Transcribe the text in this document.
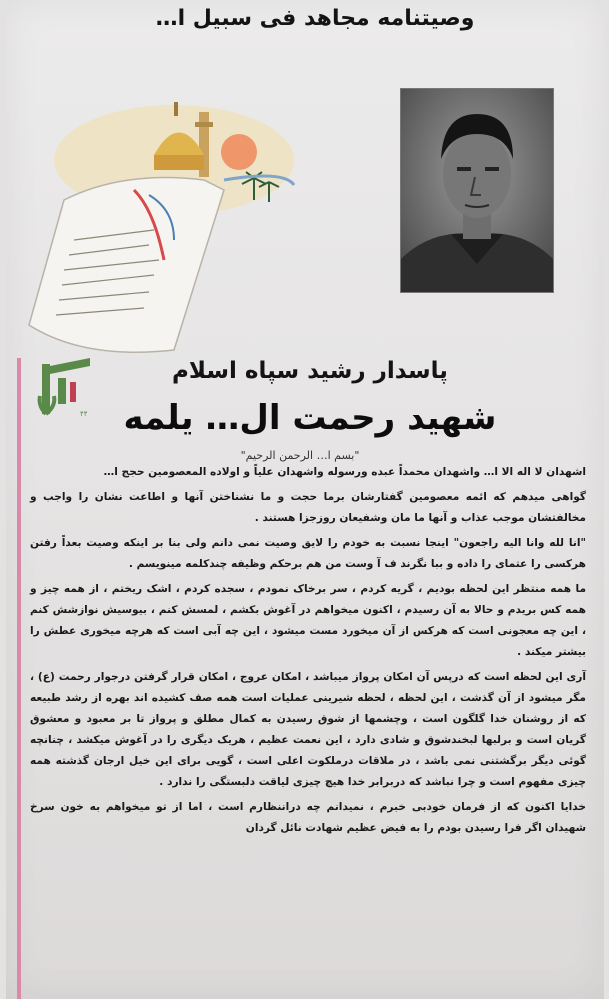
وصیتنامه مجاهد فی سبیل ا…
۴۴
پاسدار رشید سپاه اسلام
شهید رحمت ال… یلمه
"بسم ا… الرحمن الرحیم"

اشهدان لا اله الا ا… واشهدان محمداً عبده ورسوله واشهدان علیاً و اولاده المعصومین حجج ا…

گواهی میدهم که ائمه معصومین گفتارشان برما حجت و ما نشناختن آنها و اطاعت نشان را واجب و مخالفتشان موجب عذاب و آنها ما مان وشفیعان روزجزا هستند .

"انا لله وانا الیه راجعون" اینجا نسبت به خودم را لایق وصیت نمی دانم ولی بنا بر اینکه وصیت بعداً رفتن هرکسی را عتمای را داده و ببا نگرند ف آ وست من هم برحکم وظیفه چندکلمه مینویسم .

ما همه منتظر این لحظه بودیم ، گریه کردم ، سر برخاک نمودم ، سجده کردم ، اشک ریختم ، از همه چیز و همه کس بریدم و حالا به آن رسیدم ، اکنون میخواهم در آغوش بکشم ، لمسش کنم ، بیوسیش نوازشش کنم ، این چه معجونی است که هرکس از آن میخورد مست میشود ، این چه آبی است که هرچه میخوری عطش را بیشتر میکند .

آری این لحظه است که درپس آن امکان پرواز میباشد ، امکان عروج ، امکان قرار گرفتن درجوار رحمت (ع) ، مگر میشود از آن گذشت ، این لحظه ، لحظه شیرینی عملیات است همه صف کشیده اند بهره از رشد طبیعه که از روشنان خدا گلگون است ، وچشمها از شوق رسیدن به کمال مطلق و پرواز تا بر معبود و معشوق گریان است و برلبها لبخندشوق و شادی دارد ، این نعمت عظیم ، هریک دیگری را در آغوش میکشد ، چنانچه گوئی دیگر برگشتنی نمی باشد ، در ملاقات درملکوت اعلی است ، گویی برای این خیل ارجان گذشته همه چیزی مفهوم است و چرا نباشد که دربرابر خدا هیچ چیزی لیاقت دلبستگی را ندارد .

خدایا اکنون که از فرمان خودبی خبرم ، نمیدانم چه دراننظارم است ، اما از تو میخواهم به خون سرخ شهیدان اگر فرا رسیدن بودم را به فیض عظیم شهادت نائل گردان
